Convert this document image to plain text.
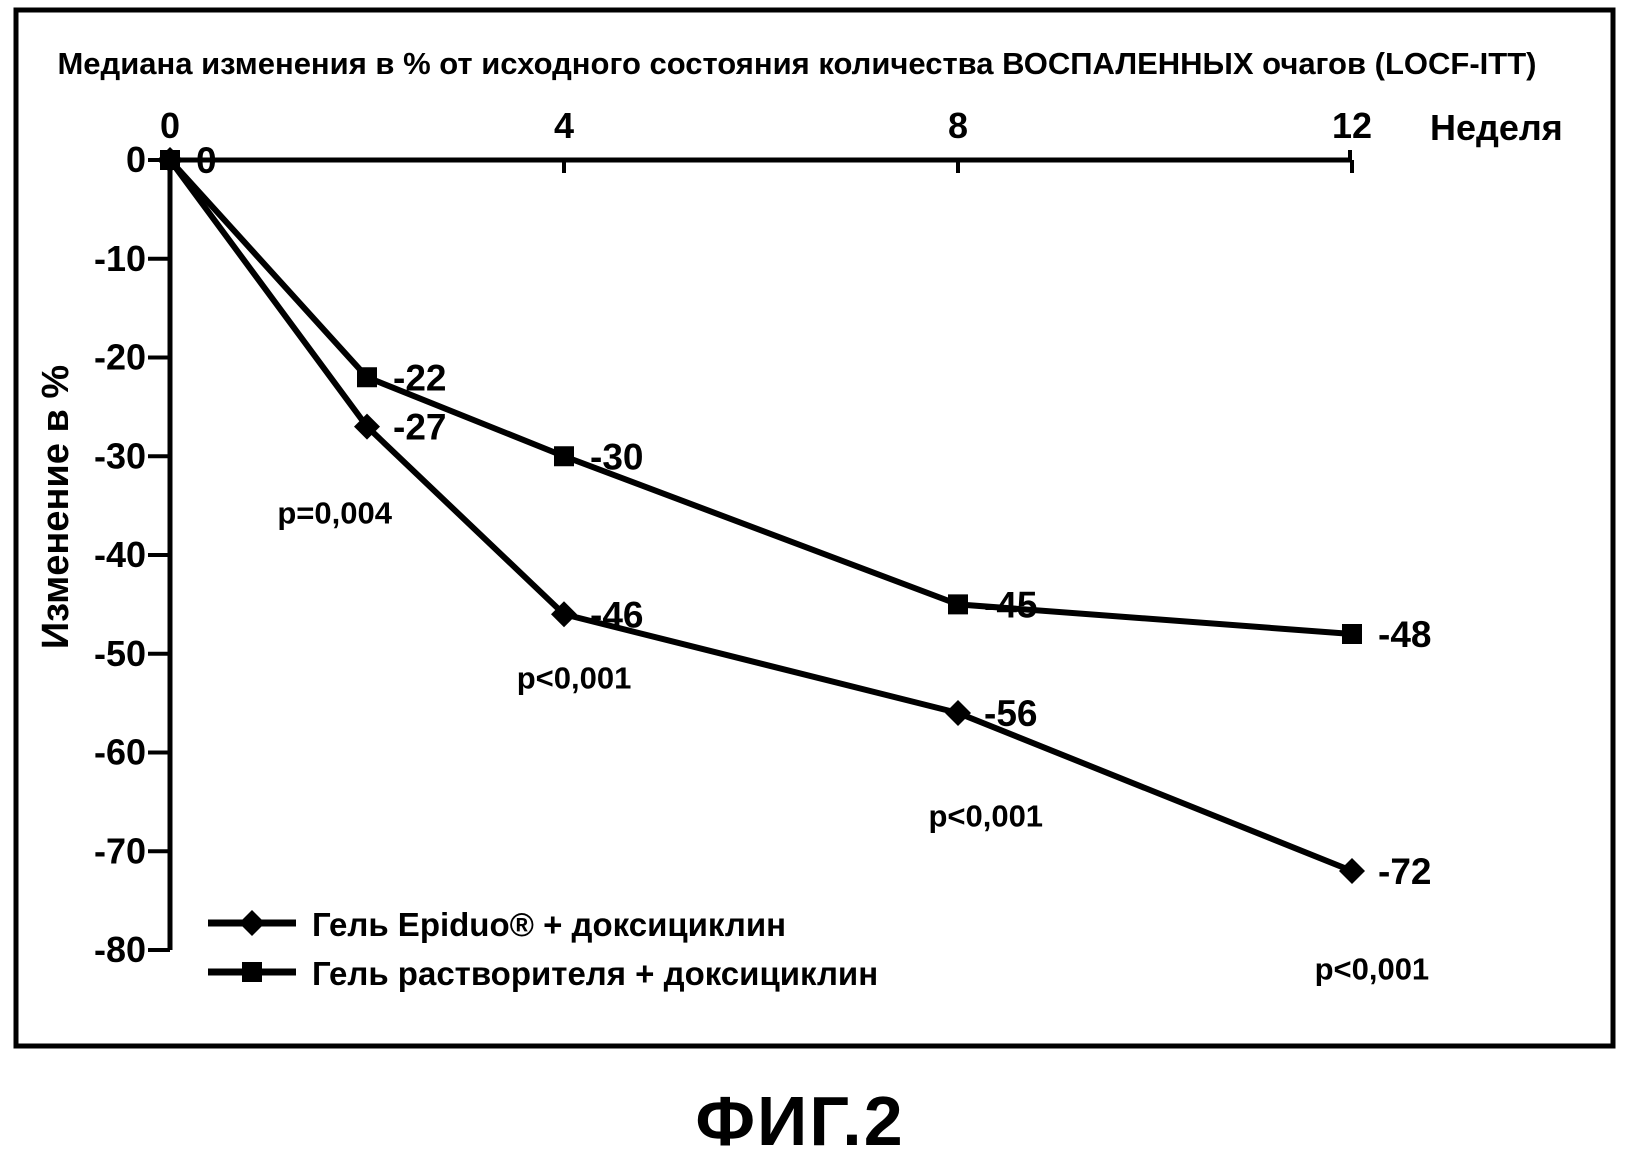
Медиана изменения в % от исходного состояния количества ВОСПАЛЕННЫХ очагов (LOCF-ITT)
0	4	8	12 Неделя
0
-10
-20
-30
-40
-50
-60
-70
-80
Изменение в %	-27
-46
-56
-72
0
-22
-30
-45
-48
p=0,004
p<0,001
p<0,001
p<0,001
Гель Epiduo® + доксициклин
Гель растворителя + доксициклин
ФИГ.2
